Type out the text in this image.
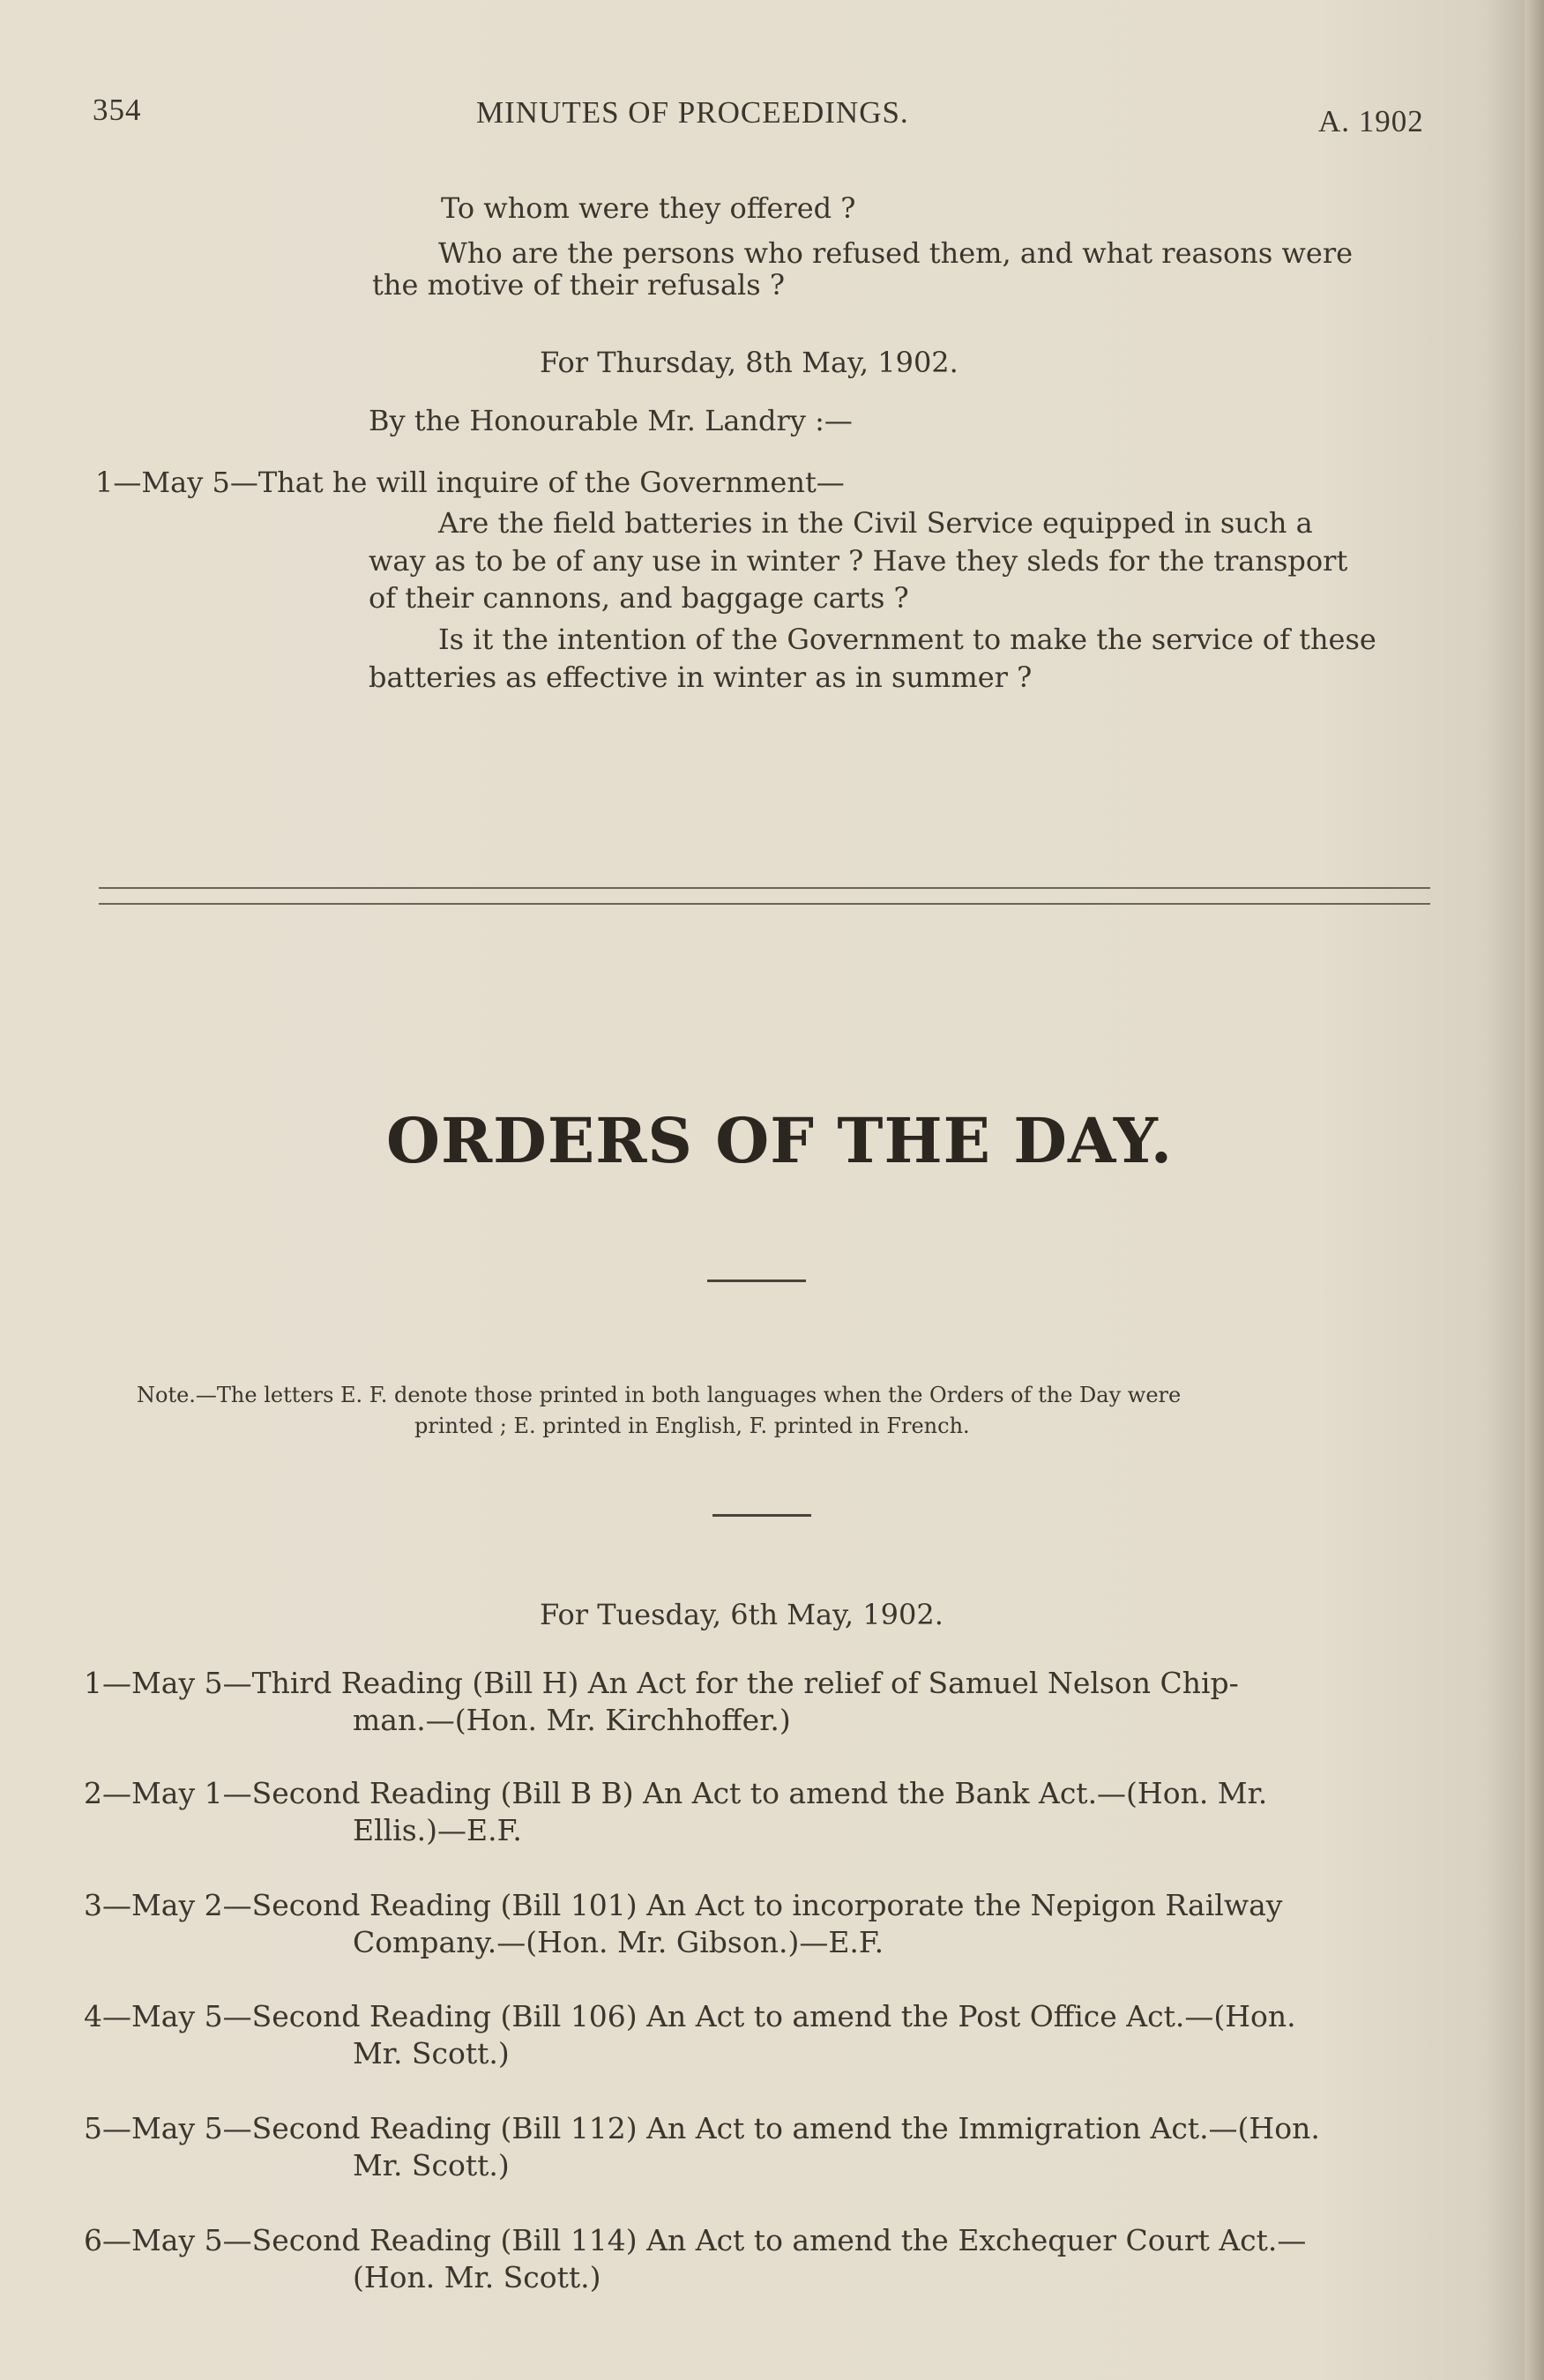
354	MINUTES OF PROCEEDINGS.	A. 1902
To whom were they offered ?
Who are the persons who refused them, and what reasons were
the motive of their refusals ?
For Thursday, 8th May, 1902.
By the Honourable Mr. Landry :—
1—May 5—That he will inquire of the Government—
Are the field batteries in the Civil Service equipped in such a
way as to be of any use in winter ? Have they sleds for the transport
of their cannons, and baggage carts ?
Is it the intention of the Government to make the service of these
batteries as effective in winter as in summer ?
ORDERS OF THE DAY.
Note.—The letters E. F. denote those printed in both languages when the Orders of the Day were
printed ; E. printed in English, F. printed in French.
For Tuesday, 6th May, 1902.
1—May 5—Third Reading (Bill H) An Act for the relief of Samuel Nelson Chip-
man.—(Hon. Mr. Kirchhoffer.)
2—May 1—Second Reading (Bill B B) An Act to amend the Bank Act.—(Hon. Mr.
Ellis.)—E.F.
3—May 2—Second Reading (Bill 101) An Act to incorporate the Nepigon Railway
Company.—(Hon. Mr. Gibson.)—E.F.
4—May 5—Second Reading (Bill 106) An Act to amend the Post Office Act.—(Hon.
Mr. Scott.)
5—May 5—Second Reading (Bill 112) An Act to amend the Immigration Act.—(Hon.
Mr. Scott.)
6—May 5—Second Reading (Bill 114) An Act to amend the Exchequer Court Act.—
(Hon. Mr. Scott.)
